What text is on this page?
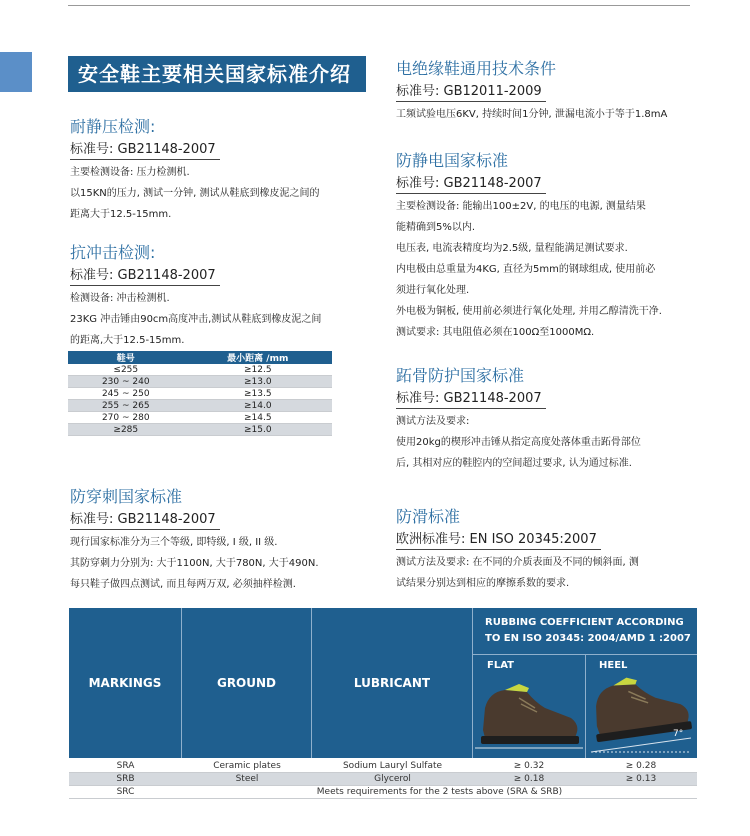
安全鞋主要相关国家标准介绍
耐静压检测:
标准号: GB21148-2007

主要检测设备: 压力检测机.

以15KN的压力, 测试一分钟, 测试从鞋底到橡皮泥之间的

距离大于12.5-15mm.

抗冲击检测:
标准号: GB21148-2007

检测设备: 冲击检测机.

23KG 冲击锤由90cm高度冲击,测试从鞋底到橡皮泥之间

的距离,大于12.5-15mm.

鞋号	最小距离 /mm
≤255	≥12.5
230 ~ 240	≥13.0
245 ~ 250	≥13.5
255 ~ 265	≥14.0
270 ~ 280	≥14.5
≥285	≥15.0
防穿刺国家标准
标准号: GB21148-2007

现行国家标准分为三个等级, 即特级, I 级, II 级.

其防穿刺力分别为: 大于1100N, 大于780N, 大于490N.

每只鞋子做四点测试, 而且每两万双, 必须抽样检测.

电绝缘鞋通用技术条件
标准号: GB12011-2009

工频试验电压6KV, 持续时间1分钟, 泄漏电流小于等于1.8mA

防静电国家标准
标准号: GB21148-2007

主要检测设备: 能输出100±2V, 的电压的电源, 测量结果

能精确到5%以内.

电压表, 电流表精度均为2.5级, 量程能满足测试要求.

内电极由总重量为4KG, 直径为5mm的钢球组成, 使用前必

须进行氧化处理.

外电极为铜板, 使用前必须进行氧化处理, 并用乙醇清洗干净.

测试要求: 其电阻值必须在100Ω至1000MΩ.

跖骨防护国家标准
标准号: GB21148-2007

测试方法及要求:

使用20kg的楔形冲击锤从指定高度处落体重击跖骨部位

后, 其相对应的鞋腔内的空间超过要求, 认为通过标准.

防滑标准
欧洲标准号: EN ISO 20345:2007

测试方法及要求: 在不同的介质表面及不同的倾斜面, 测

试结果分别达到相应的摩擦系数的要求.

MARKINGS	GROUND	LUBRICANT
RUBBING COEFFICIENT ACCORDING
TO EN ISO 20345: 2004/AMD 1 :2007
FLAT	HEEL
7°
SRA	Ceramic plates	Sodium Lauryl Sulfate	≥ 0.32	≥ 0.28
SRB	Steel	Glycerol	≥ 0.18	≥ 0.13
SRC	Meets requirements for the 2 tests above (SRA & SRB)			
